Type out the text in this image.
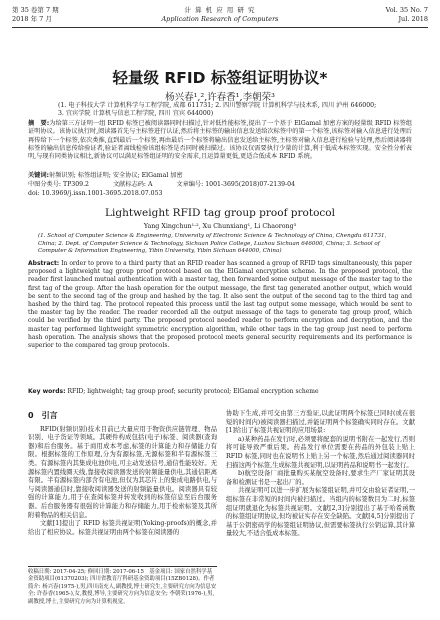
第 35 卷第 7 期
2018 年 7 月
计 算 机 应 用 研 究
Application Research of Computers
Vol. 35 No. 7
Jul. 2018
轻量级 RFID 标签组证明协议*
杨兴春¹,²,许春香¹,李朝荣³
(1. 电子科技大学 计算机科学与工程学院, 成都 611731; 2. 四川警察学院 计算机科学与技术系, 四川 泸州 646000; 3. 宜宾学院 计算机与信息工程学院, 四川 宜宾 644000)
摘　要:为给第三方证明一组 RFID 标签已被阅读器同时扫描过,针对低性能标签,提出了一个基于 ElGamal 加密方案的轻量级 RFID 标签组证明协议。该协议执行时,阅读器首先与主标签进行认证,然后将主标签的输出信息发送给次标签中的第一个标签,该标签对输入信息进行处理后再传给下一个标签,依次类推,直到最后一个标签,再由最后一个标签将输出信息发送给主标签,主标签对输入信息进行检验与处理,然后阅读器将标签的输出信息传给验证者,验证者离线检验该组标签是否同时被扫描过。该协议仅需要执行少量的计算,利于低成本标签实现。安全性分析表明,与现有同类协议相比,新协议可以满足标签组证明的安全需求,且运算量更低,更适合低成本 RFID 系统。
关键词:射频识别; 标签组证明; 安全协议; ElGamal 加密
中图分类号: TP309.2	文献标志码: A	文章编号: 1001-3695(2018)07-2139-04
doi: 10.3969/j.issn.1001-3695.2018.07.053
Lightweight RFID tag group proof protocol
Yang Xingchun¹·², Xu Chunxiang¹, Li Chaorong³
(1. School of Computer Science & Engineering, University of Electronic Science & Technology of China, Chengdu 611731, China; 2. Dept. of Computer Science & Technology, Sichuan Police College, Luzhou Sichuan 646000, China; 3. School of Computer & Information Engineering, Yibin University, Yibin Sichuan 644000, China)
Abstract: In order to prove to a third party that an RFID reader has scanned a group of RFID tags simultaneously, this paper proposed a lightweight tag group proof protocol based on the ElGamal encryption scheme. In the proposed protocol, the reader first launched mutual authentication with a master tag, then forwarded some output message of the master tag to the first tag of the group. After the hash operation for the output message, the first tag generated another output, which would be sent to the second tag of the group and hashed by the tag. It also sent the output of the second tag to the third tag and hashed by the third tag. The protocol repeated this process until the last tag output some message, which would be sent to the master tag by the reader. The reader recorded all the output message of the tags to generate tag group proof, which could be verified by the third party. The proposed protocol needed reader to perform encryption and decryption, and the master tag performed lightweight symmetric encryption algorithm, while other tags in the tag group just need to perform hash operation. The analysis shows that the proposed protocol meets general security requirements and its performance is superior to the compared tag group protocols.
Key words: RFID; lightweight; tag group proof; security protocol; ElGamal encryption scheme
0　引言

RFID(射频识别)技术目前已大量应用于物资供应链管理、物品识别、电子货证等领域。其硬件构成包括(电子)标签、阅读器(查询器)和后台服务。基于商用成本考虑,标签的计算能力和存储能力有限。根据标签的工作原理,分为有源标签,无源标签和半有源标签三类。有源标签内其集成电池供电,可主动发送信号,通信性能较好。无源标签内置线圈天线,靠接收阅读器发送的射频能量供电,其通信距离有限。半有源标签内部含有电池,但仅为其芯片上的集成电路供电,与与阅读器通信时,靠接收阅读器发送的射频能量供电。阅读器具有较强的计算能力,用于在查阅标签并转发收到的标签信息至后台服务器。后台服务器有很强的计算能力和存储能力,用于检索标签及其所附着物品的相关信息。

文献[1]提出了 RFID 标签共视证明(Yoking-proofs)的概念,并给出了相应协议。标签共视证明由两个标签在阅读器的

协助下生成,并可交由第三方验证,以此证明两个标签已同时(或在很短的时间内)被阅读器扫描过,并能证明两个标签确实同时存在。文献[1]给出了标签共视证明的应用场景:

a)某种药品在发行时,必须要将配套的说明书附在一起发行,否则将可能导致严重后果。药品发行单位需要在药品的外包装上贴上 RFID 标签,同时也在说明书上贴上另一个标签,然后通过阅读器同时扫描这两个标签,生成标签共视证明,以证明药品和说明书一起发行。

b)航空设备厂商批量购买某航空设备时,要求生产厂家证明其设备和检测证书是一起出厂的。

共视证明可以进一步扩展为标签组证明,并可交由验证者证明,一组标签在非常短的时间内被扫描过。当组内的标签数目为二时,标签组证明就退化为标签共视证明。文献[2,3]分别提出了基于哈希函数的标签组证明协议,但均被证实存在安全缺陷。文献[4,5]分别提出了基于公钥密码学的标签组证明协议,但需要标签执行公钥运算,其计算量较大,不适合低成本标签。

收稿日期: 2017-04-25; 修回日期: 2017-06-15　基金项目: 国家自然科学基金资助项目(61370203); 四川省教育厅科研基金资助项目(15ZB0128)。作者简介: 杨兴春(1975-),男,四川南充人,副教授,博士研究生,主要研究方向为信息安全; 许春香(1965-),女,教授,博导,主要研究方向为信息安全; 李朝荣(1976-),男,副教授,博士,主要研究方向为计算机视觉。
